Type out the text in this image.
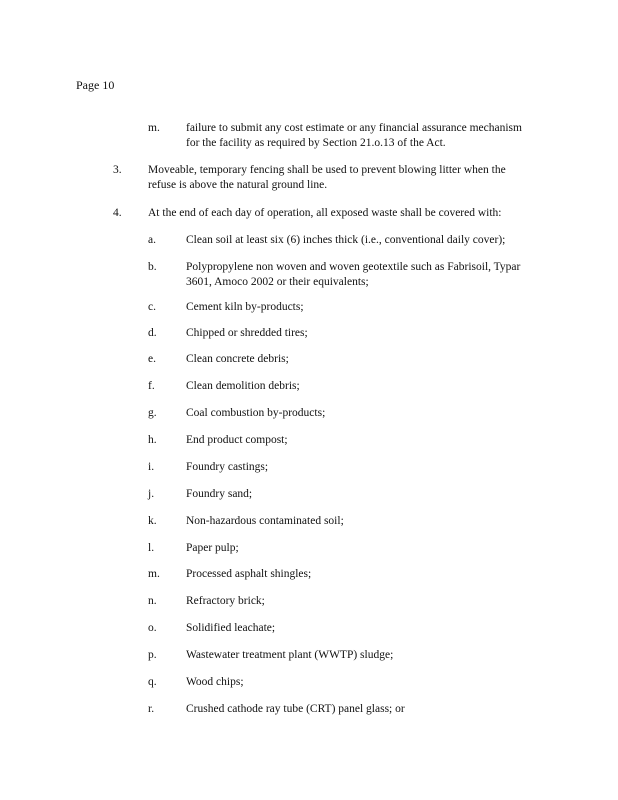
Page 10
m. failure to submit any cost estimate or any financial assurance mechanism
for the facility as required by Section 21.o.13 of the Act.
3. Moveable, temporary fencing shall be used to prevent blowing litter when the
refuse is above the natural ground line.
4. At the end of each day of operation, all exposed waste shall be covered with:
a.	Clean soil at least six (6) inches thick (i.e., conventional daily cover);
b.	Polypropylene non woven and woven geotextile such as Fabrisoil, Typar
3601, Amoco 2002 or their equivalents;
c.	Cement kiln by-products;
d.	Chipped or shredded tires;
e.	Clean concrete debris;
f.	Clean demolition debris;
g.	Coal combustion by-products;
h.	End product compost;
i.	Foundry castings;
j.	Foundry sand;
k.	Non-hazardous contaminated soil;
l.	Paper pulp;
m. Processed asphalt shingles;
n.	Refractory brick;
o.	Solidified leachate;
p.	Wastewater treatment plant (WWTP) sludge;
q.	Wood chips;
r.	Crushed cathode ray tube (CRT) panel glass; or
